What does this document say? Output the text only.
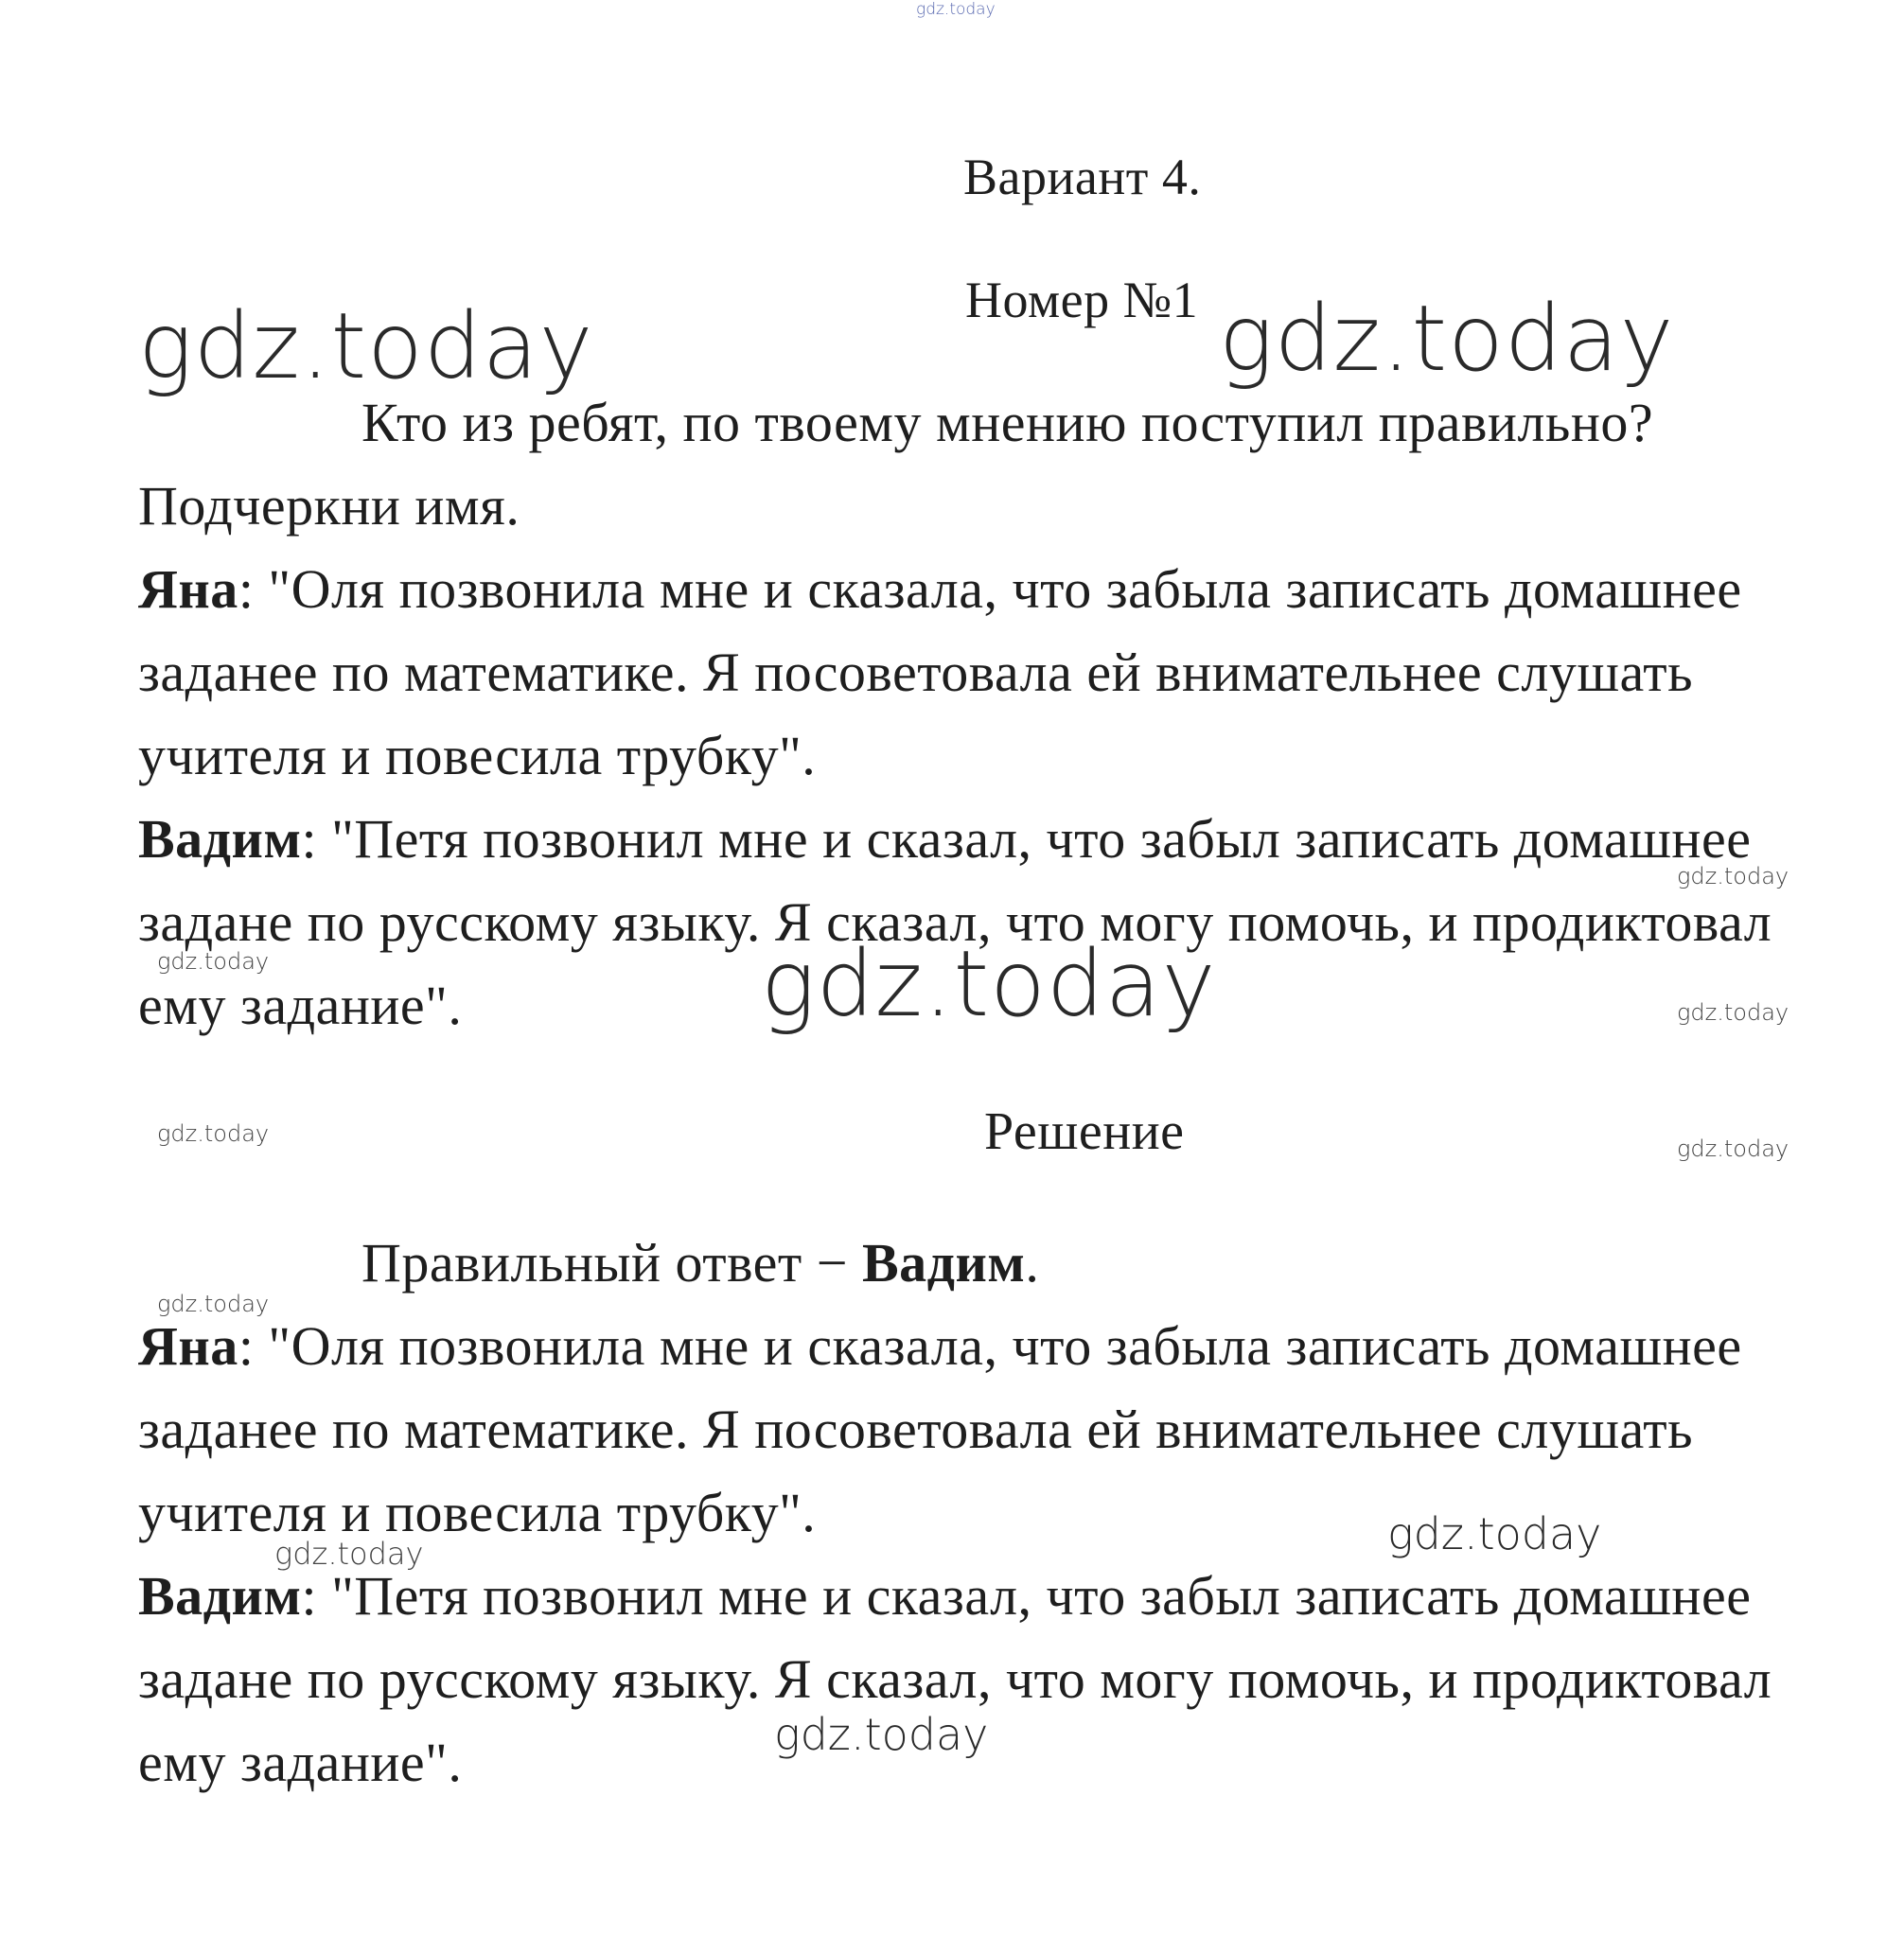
gdz.today
gdz.today	gdz.today
gdz.today
gdz.today
gdz.today
gdz.today
gdz.today
gdz.today
gdz.today
gdz.today
gdz.today
gdz.today
Вариант 4.
Номер №1
Кто из ребят, по твоему мнению поступил правильно?
Подчеркни имя.
Яна: "Оля позвонила мне и сказала, что забыла записать домашнее
заданее по математике. Я посоветовала ей внимательнее слушать
учителя и повесила трубку".
Вадим: "Петя позвонил мне и сказал, что забыл записать домашнее
задане по русскому языку. Я сказал, что могу помочь, и продиктовал
ему задание".
Решение
Правильный ответ − Вадим.
Яна: "Оля позвонила мне и сказала, что забыла записать домашнее
заданее по математике. Я посоветовала ей внимательнее слушать
учителя и повесила трубку".
Вадим: "Петя позвонил мне и сказал, что забыл записать домашнее
задане по русскому языку. Я сказал, что могу помочь, и продиктовал
ему задание".
